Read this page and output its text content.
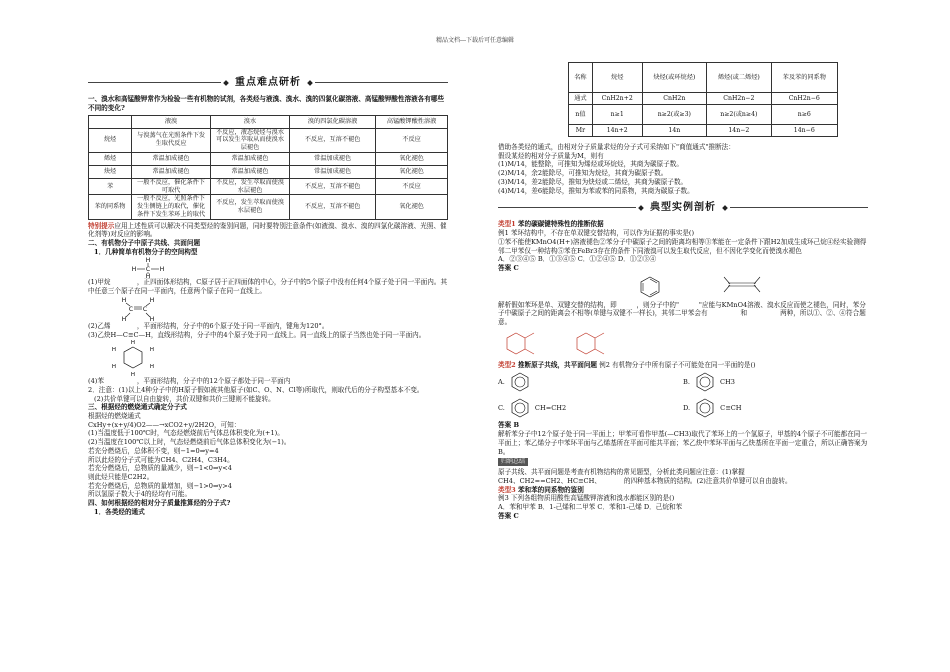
精品文档---下载后可任意编辑
重点难点研析

一、溴水和高锰酸钾常作为检验一些有机物的试剂，各类烃与液溴、溴水、溴的四氯化碳溶液、高锰酸钾酸性溶液各有哪些不同的变化?

	液溴	溴水	溴的四氯化碳溶液	高锰酸钾酸性溶液
烷烃	与溴蒸气在光照条件下发生取代反应	不反应，液态烷烃与溴水可以发生萃取从而使溴水层褪色	不反应，互溶不褪色	不反应
烯烃	常温加成褪色	常温加成褪色	常温加成褪色	氧化褪色
炔烃	常温加成褪色	常温加成褪色	常温加成褪色	氧化褪色
苯	一般不反应，催化条件下可取代	不反应，发生萃取而使溴水层褪色	不反应，互溶不褪色	不反应
苯的同系物	一般不反应，光照条件下发生侧链上的取代，催化条件下发生苯环上的取代	不反应，发生萃取而使溴水层褪色	不反应，互溶不褪色	氧化褪色

特别提示应用上述性质可以解决不同类型烃的鉴别问题，同时要特别注意条件(如液溴、溴水、溴的四氯化碳溶液、光照、催化剂等)对反应的影响。

二、有机物分子中原子共线、共面问题

1．几种简单有机物分子的空间构型

H
C
H
H	H

(1)甲烷　　　　，正四面体形结构，C原子居于正四面体的中心，分子中的5个原子中没有任何4个原子处于同一平面内。其中任意三个原子在同一平面内，任意两个原子在同一直线上。

H	H
C C
H	H

(2)乙烯　　　　，平面形结构，分子中的6个原子处于同一平面内，键角为120°。

(3)乙炔H—C≡C—H，直线形结构，分子中的4个原子处于同一直线上。同一直线上的原子当然也处于同一平面内。

H
H
H	H
H	H

(4)苯　　　　　，平面形结构，分子中的12个原子都处于同一平面内

2．注意：(1)以上4种分子中的H原子假如被其他原子(如C、O、N、Cl等)所取代，则取代后的分子构型基本不变。

(2)共价单键可以自由旋转，共价双键和共价三键则不能旋转。

三、根据烃的燃烧通式确定分子式

根据烃的燃烧通式

CxHy+(x+y/4)O2——→xCO2+y/2H2O，可知：

(1)当温度低于100℃时，气态烃燃烧前后气体总体积变化为(+1)。

(2)当温度在100℃以上时，气态烃燃烧前后气体总体积变化为(−1)。

若充分燃烧后，总体积不变，则−1=0⇒y=4

所以此烃的分子式可能为CH4、C2H4、C3H4。

若充分燃烧后，总物质的量减少，则−1<0⇒y<4

则此烃只能是C2H2。

若充分燃烧后，总物质的量增加，则−1>0⇒y>4

所以氢原子数大于4的烃均有可能。

四、如何根据烃的相对分子质量推算烃的分子式?

1．各类烃的通式

名称	烷烃	炔烃(或环烷烃)	烯烃(或二烯烃)	苯及苯的同系物
通式	CnH2n+2	CnH2n	CnH2n−2	CnH2n−6
n值	n≥1	n≥2(或≥3)	n≥2(或n≥4)	n≥6
Mr	14n+2	14n	14n−2	14n−6

借助各类烃的通式，由相对分子质量求烃的分子式可采纳如下"商值通式"推断法：

假设某烃的相对分子质量为M，则有

(1)M/14，能整除，可推知为烯烃或环烷烃，其商为碳原子数。

(2)M/14，余2能除尽，可推知为烷烃，其商为碳原子数。

(3)M/14，差2能除尽，推知为炔烃或二烯烃，其商为碳原子数。

(4)M/14，差6能除尽，推知为苯或苯的同系物，其商为碳原子数。

典型实例剖析

类型1 苯的碳碳键特殊性的推断依据

例1 苯环结构中，不存在单双键交替结构，可以作为证据的事实是()

①苯不能使KMnO4(H+)溶液褪色②苯分子中碳原子之间的距离均相等③苯能在一定条件下跟H2加成生成环己烷④经实验测得邻二甲苯仅一种结构⑤苯在FeBr3存在的条件下同液溴可以发生取代反应，但不因化学变化而使溴水褪色

A．②③④⑤ B．①③④⑤ C．①②④⑤ D．①②③④

答案 C

解析假如苯环是单、双键交替的结构，即　　　，则分子中的"　　　"应能与KMnO4溶液、溴水反应而使之褪色，同时，苯分子中碳原子之间的距离会不相等(单键与双键不一样长)，其邻二甲苯会有　　　　　和　　　　　两种，所以①、②、④符合题意。

类型2 推断原子共线，共平面问题 例2 有机物分子中所有原子不可能处在同一平面的是()

A.	B.	CH3
C.	CH=CH2	D.	C≡CH

答案 B

解析苯分子中12个原子处于同一平面上；甲苯可看作甲基(—CH3)取代了苯环上的一个氢原子，甲基的4个原子不可能都在同一平面上；苯乙烯分子中苯环平面与乙烯基所在平面可能共平面；苯乙炔中苯环平面与乙炔基所在平面一定重合，所以正确答案为B。

归纳总结

原子共线、共平面问题是考查有机物结构的常见题型，分析此类问题应注意：(1)掌握

CH4、CH2==CH2、HC≡CH、　　　　的四种基本物质的结构。(2)注意共价单键可以自由旋转。

类型3 苯和苯的同系物的鉴别

例3 下列各组物质用酸性高锰酸钾溶液和溴水都能区别的是()

A．苯和甲苯 B．1-己烯和二甲苯 C．苯和1-己烯 D．己烷和苯

答案 C
